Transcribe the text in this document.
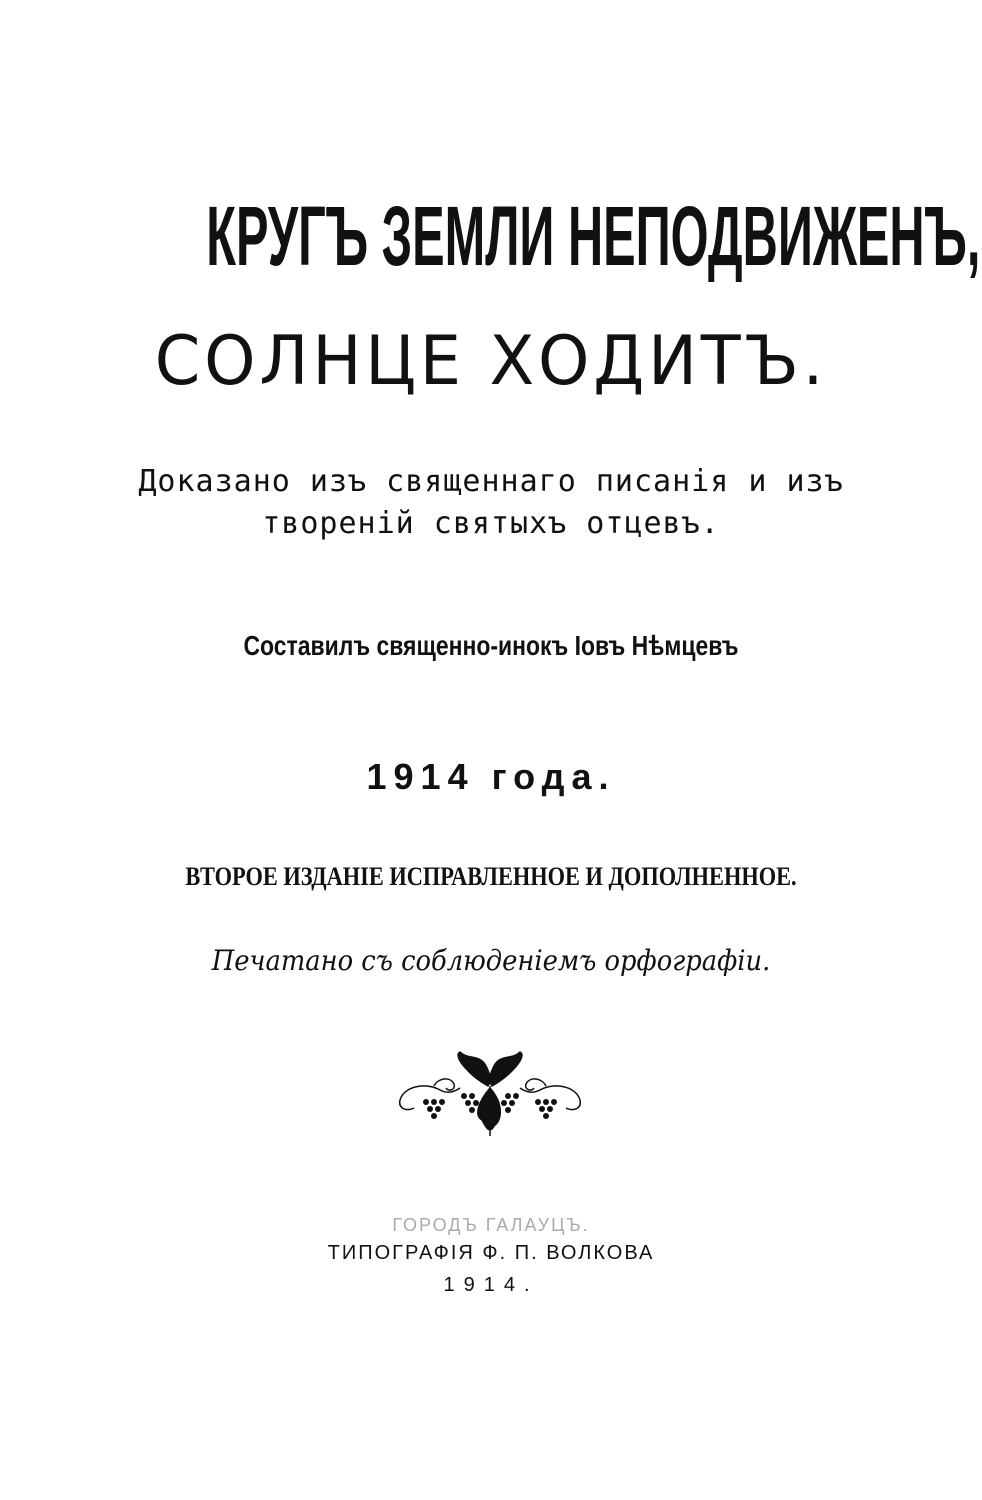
КРУГЪ ЗЕМЛИ НЕПОДВИЖЕНЪ,
СОЛНЦЕ ХОДИТЪ.
Доказано изъ священнаго писанія и изъ
твореній святыхъ отцевъ.
Составилъ священно-инокъ Іовъ Нѣмцевъ
1914 года.
ВТОРОЕ ИЗДАНІЕ ИСПРАВЛЕННОЕ И ДОПОЛНЕННОЕ.
Печатано съ соблюденіемъ орфографіи.
ГОРОДЪ ГАЛАУЦЪ.
ТИПОГРАФІЯ Ф. П. ВОЛКОВА
1914.
